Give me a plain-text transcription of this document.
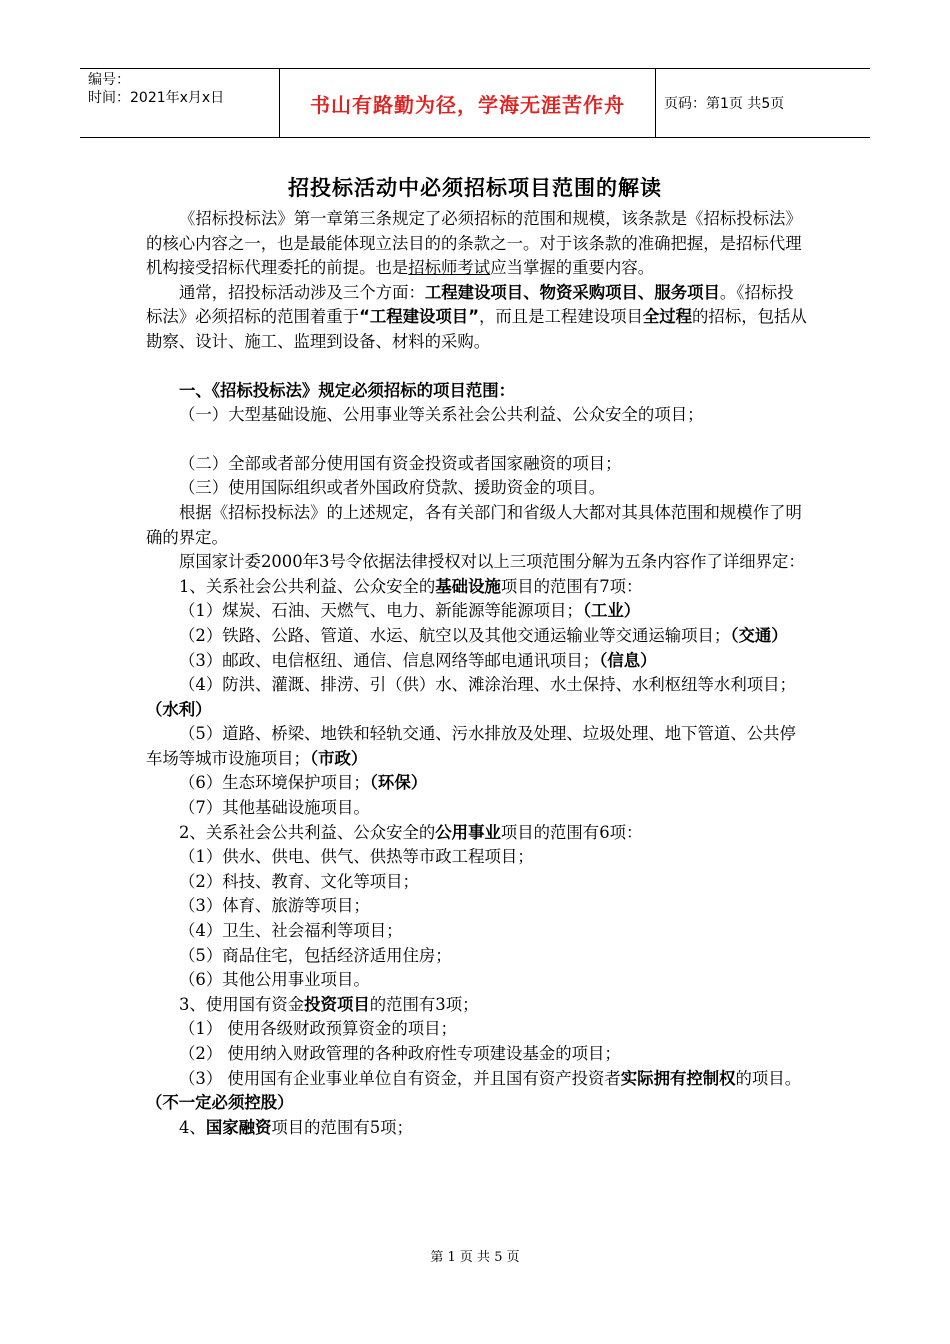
编号：
时间：2021年x月x日	书山有路勤为径，学海无涯苦作舟	页码：第1页 共5页
招投标活动中必须招标项目范围的解读

《招标投标法》第一章第三条规定了必须招标的范围和规模，该条款是《招标投标法》的核心内容之一，也是最能体现立法目的的条款之一。对于该条款的准确把握，是招标代理机构接受招标代理委托的前提。也是招标师考试应当掌握的重要内容。

通常，招投标活动涉及三个方面：工程建设项目、物资采购项目、服务项目。《招标投标法》必须招标的范围着重于“工程建设项目”，而且是工程建设项目全过程的招标，包括从勘察、设计、施工、监理到设备、材料的采购。

一、《招标投标法》规定必须招标的项目范围：

（一）大型基础设施、公用事业等关系社会公共利益、公众安全的项目；

（二）全部或者部分使用国有资金投资或者国家融资的项目；

（三）使用国际组织或者外国政府贷款、援助资金的项目。

根据《招标投标法》的上述规定，各有关部门和省级人大都对其具体范围和规模作了明确的界定。

原国家计委2000年3号令依据法律授权对以上三项范围分解为五条内容作了详细界定：

1、关系社会公共利益、公众安全的基础设施项目的范围有7项：

（1）煤炭、石油、天燃气、电力、新能源等能源项目；（工业）

（2）铁路、公路、管道、水运、航空以及其他交通运输业等交通运输项目；（交通）

（3）邮政、电信枢纽、通信、信息网络等邮电通讯项目；（信息）

（4）防洪、灌溉、排涝、引（供）水、滩涂治理、水土保持、水利枢纽等水利项目；（水利）

（5）道路、桥梁、地铁和轻轨交通、污水排放及处理、垃圾处理、地下管道、公共停车场等城市设施项目；（市政）

（6）生态环境保护项目；（环保）

（7）其他基础设施项目。

2、关系社会公共利益、公众安全的公用事业项目的范围有6项：

（1）供水、供电、供气、供热等市政工程项目；

（2）科技、教育、文化等项目；

（3）体育、旅游等项目；

（4）卫生、社会福利等项目；

（5）商品住宅，包括经济适用住房；

（6）其他公用事业项目。

3、使用国有资金投资项目的范围有3项；

（1） 使用各级财政预算资金的项目；

（2） 使用纳入财政管理的各种政府性专项建设基金的项目；

（3） 使用国有企业事业单位自有资金，并且国有资产投资者实际拥有控制权的项目。 （不一定必须控股）

4、国家融资项目的范围有5项；

第 1 页 共 5 页
